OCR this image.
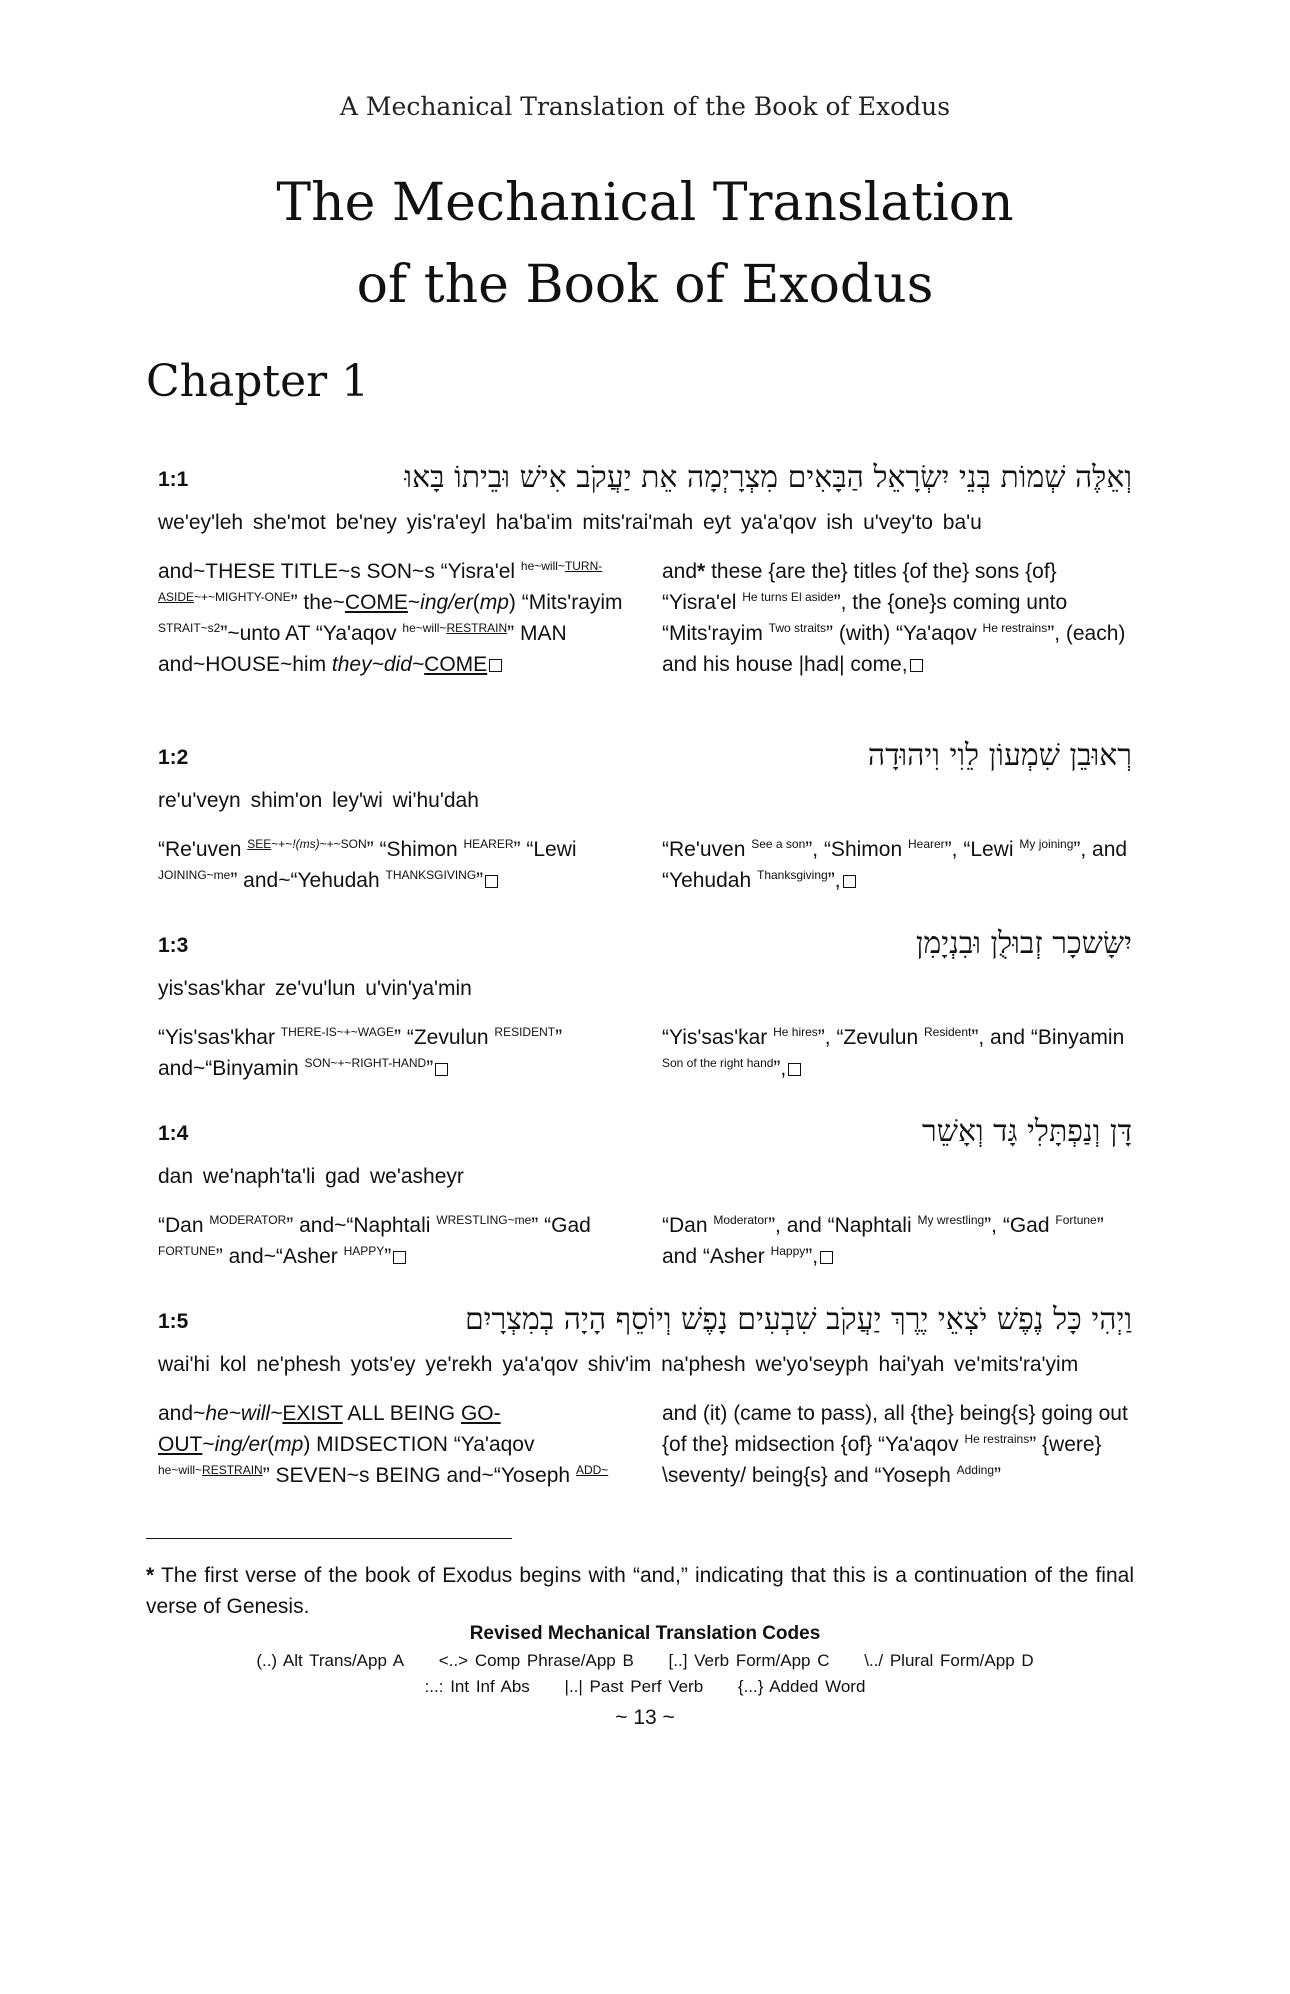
A Mechanical Translation of the Book of Exodus
The Mechanical Translation
of the Book of Exodus
Chapter 1
1:1	וְאֵלֶּה שְׁמוֹת בְּנֵי יִשְׂרָאֵל הַבָּאִים מִצְרָיְמָה אֵת יַעֲקֹב אִישׁ וּבֵיתוֹ בָּאוּ
we'ey'leh she'mot be'ney yis'ra'eyl ha'ba'im mits'rai'mah eyt ya'a'qov ish u'vey'to ba'u
and~THESE TITLE~s SON~s “Yisra'el $^{he\sim will\sim TURN-ASIDE\sim+\sim MIGHTY-ONE}$” the~COME~ing/er(mp) “Mits'rayim $^{STRAIT\sim s2}$”~unto AT “Ya'aqov $^{he\sim will\sim RESTRAIN}$” MAN and~HOUSE~him they~did~COME
and* these {are the} titles {of the} sons {of} “Yisra'el $^{He turns El aside}$”, the {one}s coming unto “Mits'rayim $^{Two straits}$” (with) “Ya'aqov $^{He restrains}$”, (each) and his house |had| come,
1:2	רְאוּבֵן שִׁמְעוֹן לֵוִי וִיהוּדָה
re'u'veyn shim'on ley'wi wi'hu'dah
“Re'uven $^{SEE\sim+\sim!(ms)\sim+\sim SON}$” “Shimon $^{HEARER}$” “Lewi $^{JOINING\sim me}$” and~“Yehudah $^{THANKSGIVING}$”
“Re'uven $^{See a son}$”, “Shimon $^{Hearer}$”, “Lewi $^{My joining}$”, and “Yehudah $^{Thanksgiving}$”,
1:3	יִשָּׂשכָר זְבוּלֻן וּבִנְיָמִן
yis'sas'khar ze'vu'lun u'vin'ya'min
“Yis'sas'khar $^{THERE-IS\sim+\sim WAGE}$” “Zevulun $^{RESIDENT}$” and~“Binyamin $^{SON\sim+\sim RIGHT-HAND}$”
“Yis'sas'kar $^{He hires}$”, “Zevulun $^{Resident}$”, and “Binyamin $^{Son of the right hand}$”,
1:4	דָּן וְנַפְתָּלִי גָּד וְאָשֵׁר
dan we'naph'ta'li gad we'asheyr
“Dan $^{MODERATOR}$” and~“Naphtali $^{WRESTLING\sim me}$” “Gad $^{FORTUNE}$” and~“Asher $^{HAPPY}$”
“Dan $^{Moderator}$”, and “Naphtali $^{My wrestling}$”, “Gad $^{Fortune}$” and “Asher $^{Happy}$”,
1:5	וַיְהִי כָּל נֶפֶשׁ יֹצְאֵי יֶרֶךְ יַעֲקֹב שִׁבְעִים נָפֶשׁ וְיוֹסֵף הָיָה בְמִצְרָיִם
wai'hi kol ne'phesh yots'ey ye'rekh ya'a'qov shiv'im na'phesh we'yo'seyph hai'yah ve'mits'ra'yim
and~he~will~EXIST ALL BEING GO-OUT~ing/er(mp) MIDSECTION “Ya'aqov $^{he\sim will\sim RESTRAIN}$” SEVEN~s BEING and~“Yoseph $^{ADD\sim}$
and (it) (came to pass), all {the} being{s} going out {of the} midsection {of} “Ya'aqov $^{He restrains}$” {were} \seventy/ being{s} and “Yoseph $^{Adding}$”
* The first verse of the book of Exodus begins with “and,” indicating that this is a continuation of the final verse of Genesis.
Revised Mechanical Translation Codes
(..) Alt Trans/App A <..> Comp Phrase/App B [..] Verb Form/App C \../ Plural Form/App D
:..: Int Inf Abs |..| Past Perf Verb {...} Added Word
~ 13 ~
